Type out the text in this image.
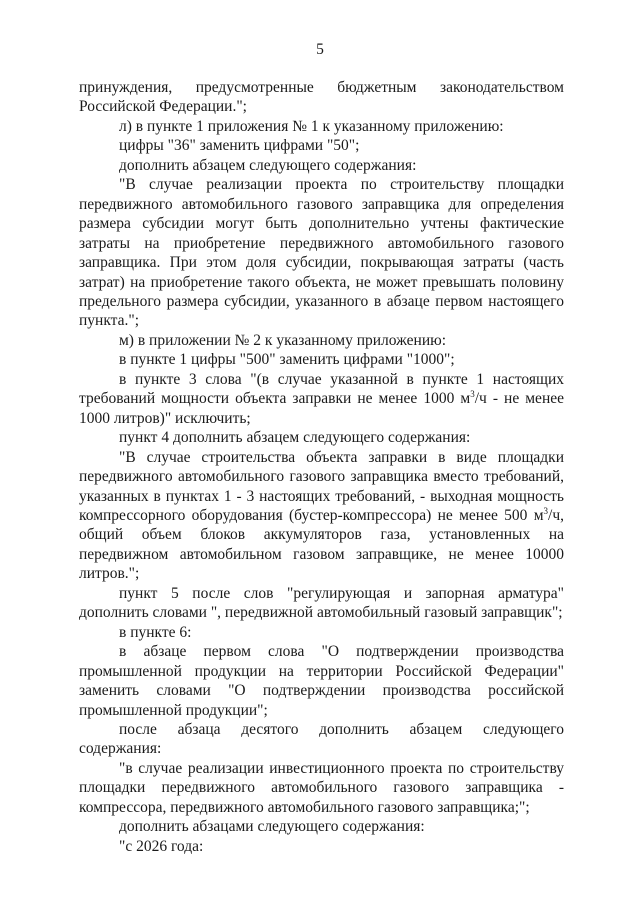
5

принуждения, предусмотренные бюджетным законодательством Российской Федерации.";

л) в пункте 1 приложения № 1 к указанному приложению:

цифры "36" заменить цифрами "50";

дополнить абзацем следующего содержания:

"В случае реализации проекта по строительству площадки передвижного автомобильного газового заправщика для определения размера субсидии могут быть дополнительно учтены фактические затраты на приобретение передвижного автомобильного газового заправщика. При этом доля субсидии, покрывающая затраты (часть затрат) на приобретение такого объекта, не может превышать половину предельного размера субсидии, указанного в абзаце первом настоящего пункта.";

м) в приложении № 2 к указанному приложению:

в пункте 1 цифры "500" заменить цифрами "1000";

в пункте 3 слова "(в случае указанной в пункте 1 настоящих требований мощности объекта заправки не менее 1000 $м^3/ч$ - не менее 1000 литров)" исключить;

пункт 4 дополнить абзацем следующего содержания:

"В случае строительства объекта заправки в виде площадки передвижного автомобильного газового заправщика вместо требований, указанных в пунктах 1 - 3 настоящих требований, - выходная мощность компрессорного оборудования (бустер-компрессора) не менее 500 $м^3/ч$, общий объем блоков аккумуляторов газа, установленных на передвижном автомобильном газовом заправщике, не менее 10000 литров.";

пункт 5 после слов "регулирующая и запорная арматура" дополнить словами ", передвижной автомобильный газовый заправщик";

в пункте 6:

в абзаце первом слова "О подтверждении производства промышленной продукции на территории Российской Федерации" заменить словами "О подтверждении производства российской промышленной продукции";

после абзаца десятого дополнить абзацем следующего содержания:

"в случае реализации инвестиционного проекта по строительству площадки передвижного автомобильного газового заправщика - компрессора, передвижного автомобильного газового заправщика;";

дополнить абзацами следующего содержания:

"с 2026 года:
